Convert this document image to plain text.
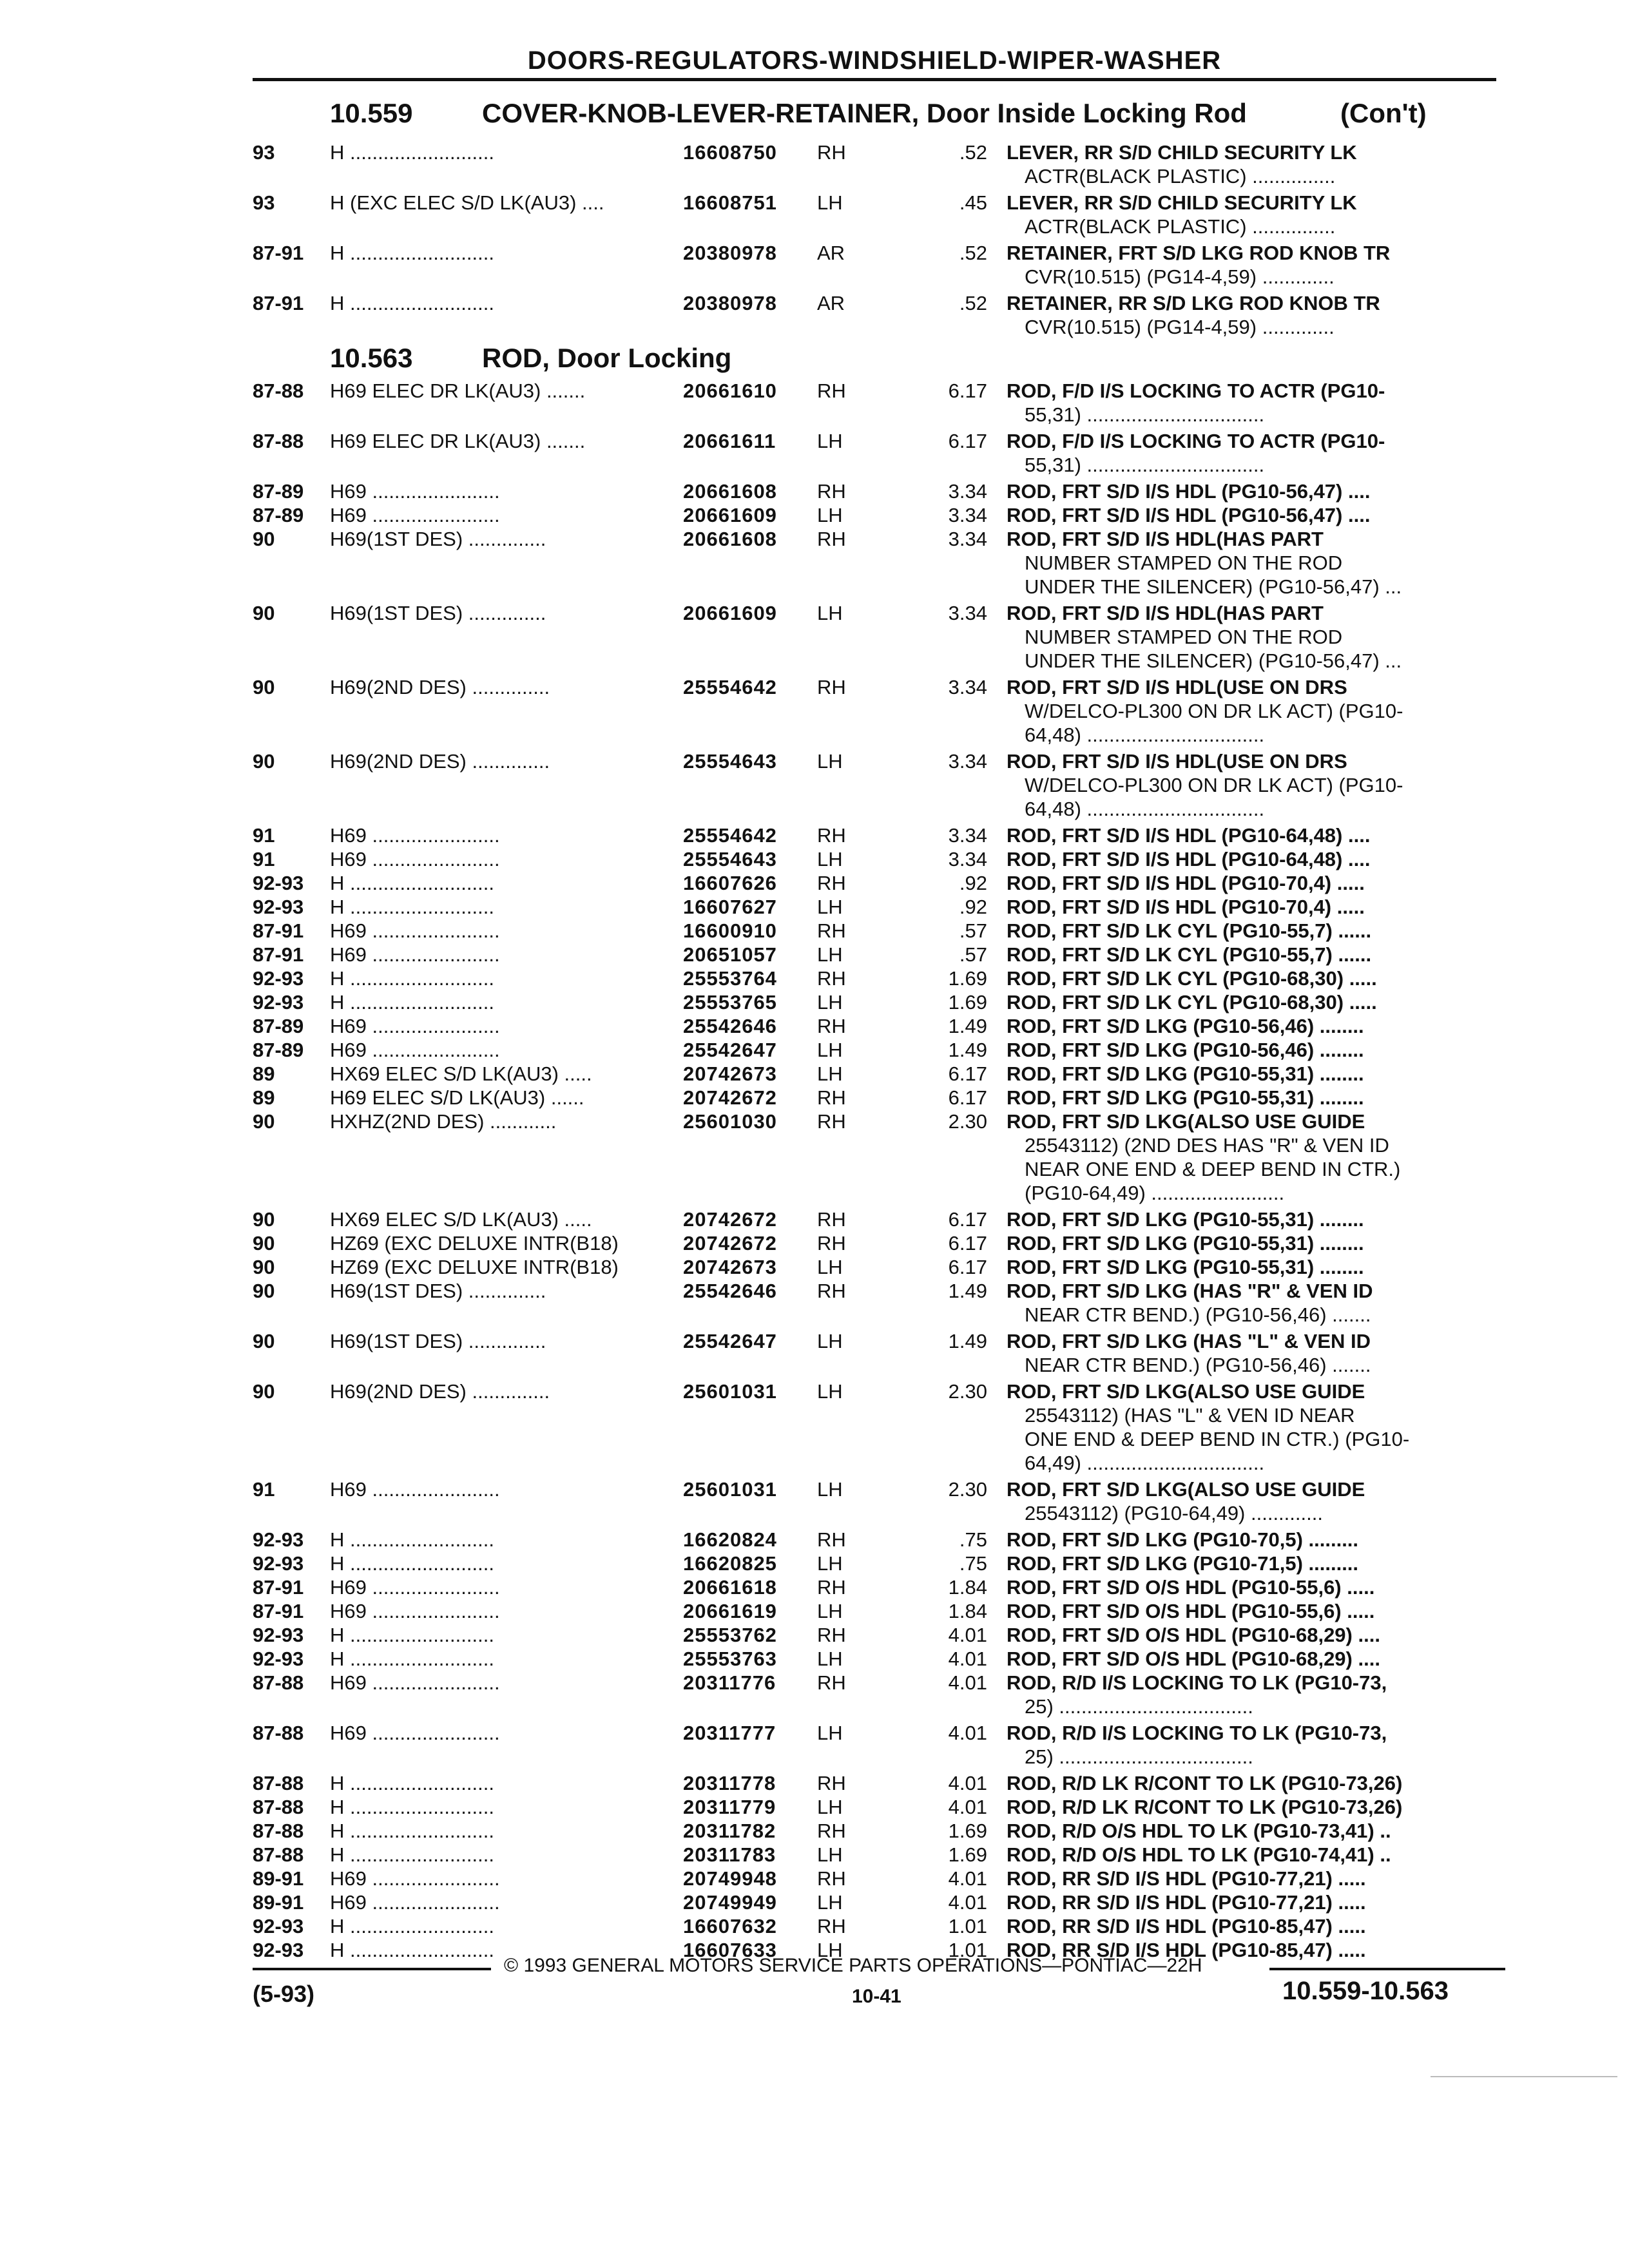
DOORS-REGULATORS-WINDSHIELD-WIPER-WASHER
10.559	COVER-KNOB-LEVER-RETAINER, Door Inside Locking Rod	(Con't)
10.563	ROD, Door Locking
93	H ..........................	16608750 RH	.52 LEVER, RR S/D CHILD SECURITY LK
ACTR(BLACK PLASTIC) ...............
93	H (EXC ELEC S/D LK(AU3) ....	16608751 LH	.45 LEVER, RR S/D CHILD SECURITY LK
ACTR(BLACK PLASTIC) ...............
87-91 H ..........................	20380978 AR	.52 RETAINER, FRT S/D LKG ROD KNOB TR
CVR(10.515) (PG14-4,59) .............
87-91 H ..........................	20380978 AR	.52 RETAINER, RR S/D LKG ROD KNOB TR
CVR(10.515) (PG14-4,59) .............
87-88 H69 ELEC DR LK(AU3) .......	20661610 RH	6.17 ROD, F/D I/S LOCKING TO ACTR (PG10-
55,31) ................................
87-88 H69 ELEC DR LK(AU3) .......	20661611 LH	6.17 ROD, F/D I/S LOCKING TO ACTR (PG10-
55,31) ................................
87-89 H69 .......................	20661608 RH	3.34 ROD, FRT S/D I/S HDL (PG10-56,47) ....
87-89 H69 .......................	20661609 LH	3.34 ROD, FRT S/D I/S HDL (PG10-56,47) ....
90	H69(1ST DES) ..............	20661608 RH	3.34 ROD, FRT S/D I/S HDL(HAS PART
NUMBER STAMPED ON THE ROD
UNDER THE SILENCER) (PG10-56,47) ...
90	H69(1ST DES) ..............	20661609 LH	3.34 ROD, FRT S/D I/S HDL(HAS PART
NUMBER STAMPED ON THE ROD
UNDER THE SILENCER) (PG10-56,47) ...
90	H69(2ND DES) ..............	25554642 RH	3.34 ROD, FRT S/D I/S HDL(USE ON DRS
W/DELCO-PL300 ON DR LK ACT) (PG10-
64,48) ................................
90	H69(2ND DES) ..............	25554643 LH	3.34 ROD, FRT S/D I/S HDL(USE ON DRS
W/DELCO-PL300 ON DR LK ACT) (PG10-
64,48) ................................
91	H69 .......................	25554642 RH	3.34 ROD, FRT S/D I/S HDL (PG10-64,48) ....
91	H69 .......................	25554643 LH	3.34 ROD, FRT S/D I/S HDL (PG10-64,48) ....
92-93 H ..........................	16607626 RH	.92 ROD, FRT S/D I/S HDL (PG10-70,4) .....
92-93 H ..........................	16607627 LH	.92 ROD, FRT S/D I/S HDL (PG10-70,4) .....
87-91 H69 .......................	16600910 RH	.57 ROD, FRT S/D LK CYL (PG10-55,7) ......
87-91 H69 .......................	20651057 LH	.57 ROD, FRT S/D LK CYL (PG10-55,7) ......
92-93 H ..........................	25553764 RH	1.69 ROD, FRT S/D LK CYL (PG10-68,30) .....
92-93 H ..........................	25553765 LH	1.69 ROD, FRT S/D LK CYL (PG10-68,30) .....
87-89 H69 .......................	25542646 RH	1.49 ROD, FRT S/D LKG (PG10-56,46) ........
87-89 H69 .......................	25542647 LH	1.49 ROD, FRT S/D LKG (PG10-56,46) ........
89	HX69 ELEC S/D LK(AU3) .....	20742673 LH	6.17 ROD, FRT S/D LKG (PG10-55,31) ........
89	H69 ELEC S/D LK(AU3) ......	20742672 RH	6.17 ROD, FRT S/D LKG (PG10-55,31) ........
90	HXHZ(2ND DES) ............	25601030 RH	2.30 ROD, FRT S/D LKG(ALSO USE GUIDE
25543112) (2ND DES HAS "R" & VEN ID
NEAR ONE END & DEEP BEND IN CTR.)
(PG10-64,49) ........................
90	HX69 ELEC S/D LK(AU3) .....	20742672 RH	6.17 ROD, FRT S/D LKG (PG10-55,31) ........
90	HZ69 (EXC DELUXE INTR(B18)	20742672 RH	6.17 ROD, FRT S/D LKG (PG10-55,31) ........
90	HZ69 (EXC DELUXE INTR(B18)	20742673 LH	6.17 ROD, FRT S/D LKG (PG10-55,31) ........
90	H69(1ST DES) ..............	25542646 RH	1.49 ROD, FRT S/D LKG (HAS "R" & VEN ID
NEAR CTR BEND.) (PG10-56,46) .......
90	H69(1ST DES) ..............	25542647 LH	1.49 ROD, FRT S/D LKG (HAS "L" & VEN ID
NEAR CTR BEND.) (PG10-56,46) .......
90	H69(2ND DES) ..............	25601031 LH	2.30 ROD, FRT S/D LKG(ALSO USE GUIDE
25543112) (HAS "L" & VEN ID NEAR
ONE END & DEEP BEND IN CTR.) (PG10-
64,49) ................................
91	H69 .......................	25601031 LH	2.30 ROD, FRT S/D LKG(ALSO USE GUIDE
25543112) (PG10-64,49) .............
92-93 H ..........................	16620824 RH	.75 ROD, FRT S/D LKG (PG10-70,5) .........
92-93 H ..........................	16620825 LH	.75 ROD, FRT S/D LKG (PG10-71,5) .........
87-91 H69 .......................	20661618 RH	1.84 ROD, FRT S/D O/S HDL (PG10-55,6) .....
87-91 H69 .......................	20661619 LH	1.84 ROD, FRT S/D O/S HDL (PG10-55,6) .....
92-93 H ..........................	25553762 RH	4.01 ROD, FRT S/D O/S HDL (PG10-68,29) ....
92-93 H ..........................	25553763 LH	4.01 ROD, FRT S/D O/S HDL (PG10-68,29) ....
87-88 H69 .......................	20311776 RH	4.01 ROD, R/D I/S LOCKING TO LK (PG10-73,
25) ...................................
87-88 H69 .......................	20311777 LH	4.01 ROD, R/D I/S LOCKING TO LK (PG10-73,
25) ...................................
87-88 H ..........................	20311778 RH	4.01 ROD, R/D LK R/CONT TO LK (PG10-73,26)
87-88 H ..........................	20311779 LH	4.01 ROD, R/D LK R/CONT TO LK (PG10-73,26)
87-88 H ..........................	20311782 RH	1.69 ROD, R/D O/S HDL TO LK (PG10-73,41) ..
87-88 H ..........................	20311783 LH	1.69 ROD, R/D O/S HDL TO LK (PG10-74,41) ..
89-91 H69 .......................	20749948 RH	4.01 ROD, RR S/D I/S HDL (PG10-77,21) .....
89-91 H69 .......................	20749949 LH	4.01 ROD, RR S/D I/S HDL (PG10-77,21) .....
92-93 H ..........................	16607632 RH	1.01 ROD, RR S/D I/S HDL (PG10-85,47) .....
92-93 H ..........................	16607633 LH	1.01 ROD, RR S/D I/S HDL (PG10-85,47) .....
© 1993 GENERAL MOTORS SERVICE PARTS OPERATIONS—PONTIAC—22H
(5-93)	10-41	10.559-10.563
